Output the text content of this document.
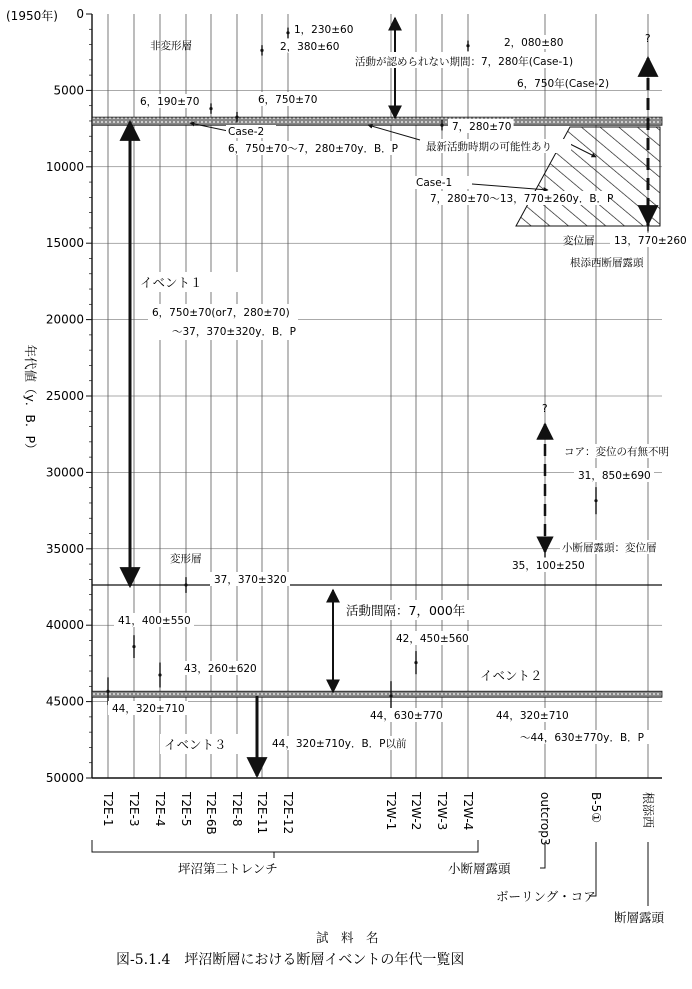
0
5000
10000
15000
20000
25000
30000
35000
40000
45000
50000
(1950年)
年代値（y．B．P）
44，320±710
41，400±550
43，260±620
37，370±320
6，190±70	6，750±70
2，380±60
1，230±60
44，630±770
42，450±560
7，280±70
2，080±80
35，100±250
31，850±690
13，770±260
T2E-1 T2E-3 T2E-4 T2E-5 T2E-6B T2E-8 T2E-11 T2E-12	T2W-1 T2W-2 T2W-3 T2W-4	outcrop3	B-5①	根添西
非変形層
活動が認められない期間：7，280年(Case-1)
6，750年(Case-2)
Case-2
6，750±70～7，280±70y．B．P	最新活動時期の可能性あり
Case-1
7，280±70～13，770±260y．B．P
変位層
根添西断層露頭
イベント１
6，750±70(or7，280±70)
～37，370±320y．B．P
?
?
コア：変位の有無不明
小断層露頭：変位層
変形層
活動間隔：7，000年
イベント２
44，320±710
～44，630±770y．B．P
イベント３	44，320±710y．B．P以前
坪沼第二トレンチ	小断層露頭
ボーリング・コア
断層露頭
試　料　名
図-5.1.4　坪沼断層における断層イベントの年代一覧図
